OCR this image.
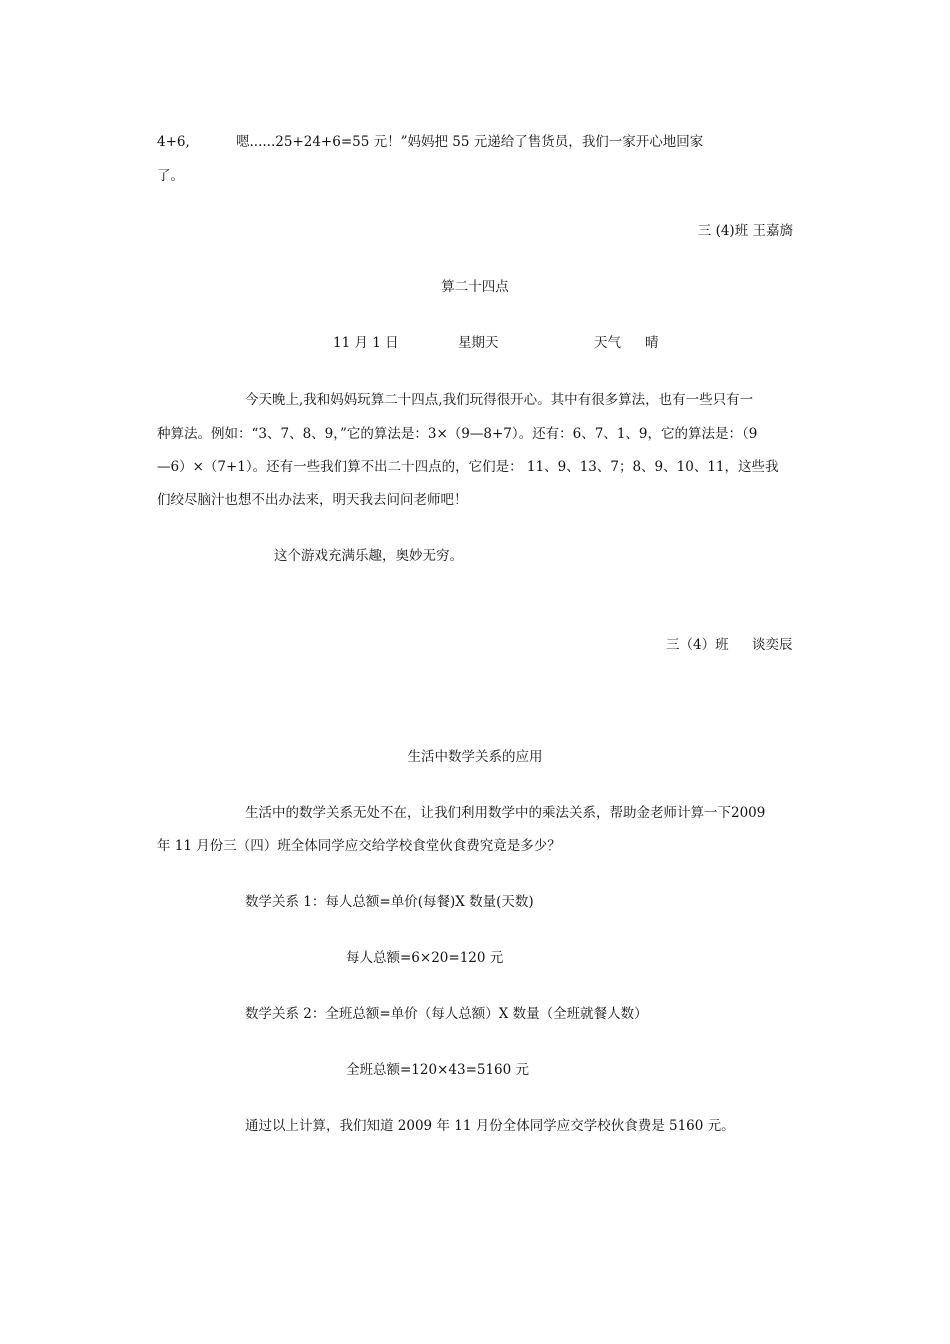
4+6,	嗯......25+24+6=55 元！”妈妈把 55 元递给了售货员，我们一家开心地回家

了。

三 (4)班 王嘉旖

算二十四点

11 月 1 日	星期天	天气 晴

今天晚上,我和妈妈玩算二十四点,我们玩得很开心。其中有很多算法，也有一些只有一

种算法。例如：“3、7、8、9，”它的算法是：3×（9—8+7）。还有：6、7、1、9，它的算法是：（9

—6）×（7+1）。还有一些我们算不出二十四点的，它们是： 11、9、13、7；8、9、10、11，这些我

们绞尽脑汁也想不出办法来，明天我去问问老师吧！

这个游戏充满乐趣，奥妙无穷。

三（4）班 谈奕辰

生活中数学关系的应用

生活中的数学关系无处不在，让我们利用数学中的乘法关系，帮助金老师计算一下2009

年 11 月份三（四）班全体同学应交给学校食堂伙食费究竟是多少？

数学关系 1：每人总额=单价(每餐)X 数量(天数)

每人总额=6×20=120 元

数学关系 2：全班总额=单价（每人总额）X 数量（全班就餐人数）

全班总额=120×43=5160 元

通过以上计算，我们知道 2009 年 11 月份全体同学应交学校伙食费是 5160 元。
